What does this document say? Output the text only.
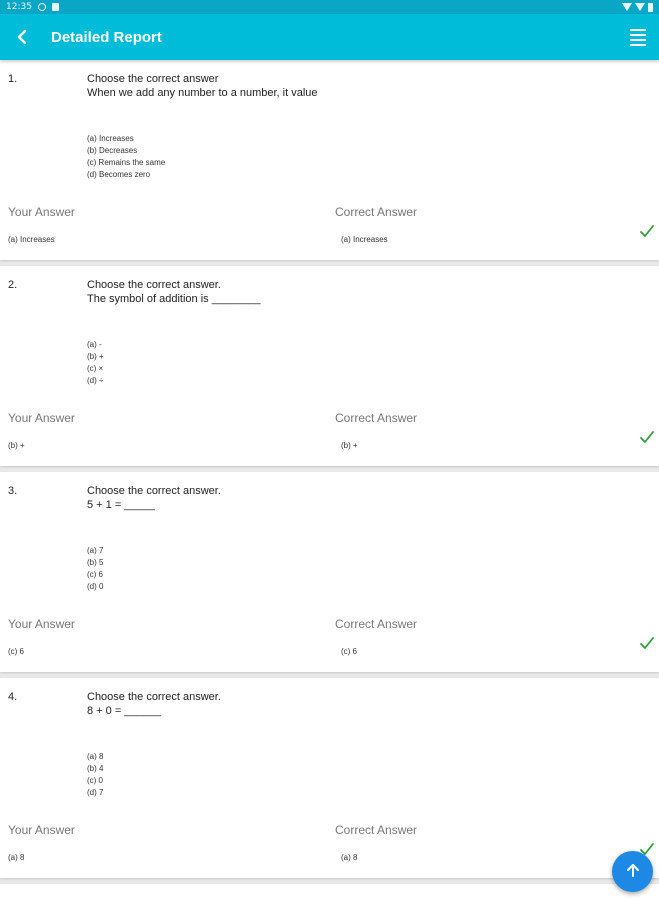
12:35
Detailed Report
1.	Choose the correct answer
When we add any number to a number, it value
(a) Increases
(b) Decreases
(c) Remains the same
(d) Becomes zero
Your Answer	Correct Answer
(a) Increases	(a) Increases
2.	Choose the correct answer.
The symbol of addition is ________
(a) -
(b) +
(c) ×
(d) ÷
Your Answer	Correct Answer
(b) +	(b) +
3.	Choose the correct answer.
5 + 1 = _____
(a) 7
(b) 5
(c) 6
(d) 0
Your Answer	Correct Answer
(c) 6	(c) 6
4.	Choose the correct answer.
8 + 0 = ______
(a) 8
(b) 4
(c) 0
(d) 7
Your Answer	Correct Answer
(a) 8	(a) 8
